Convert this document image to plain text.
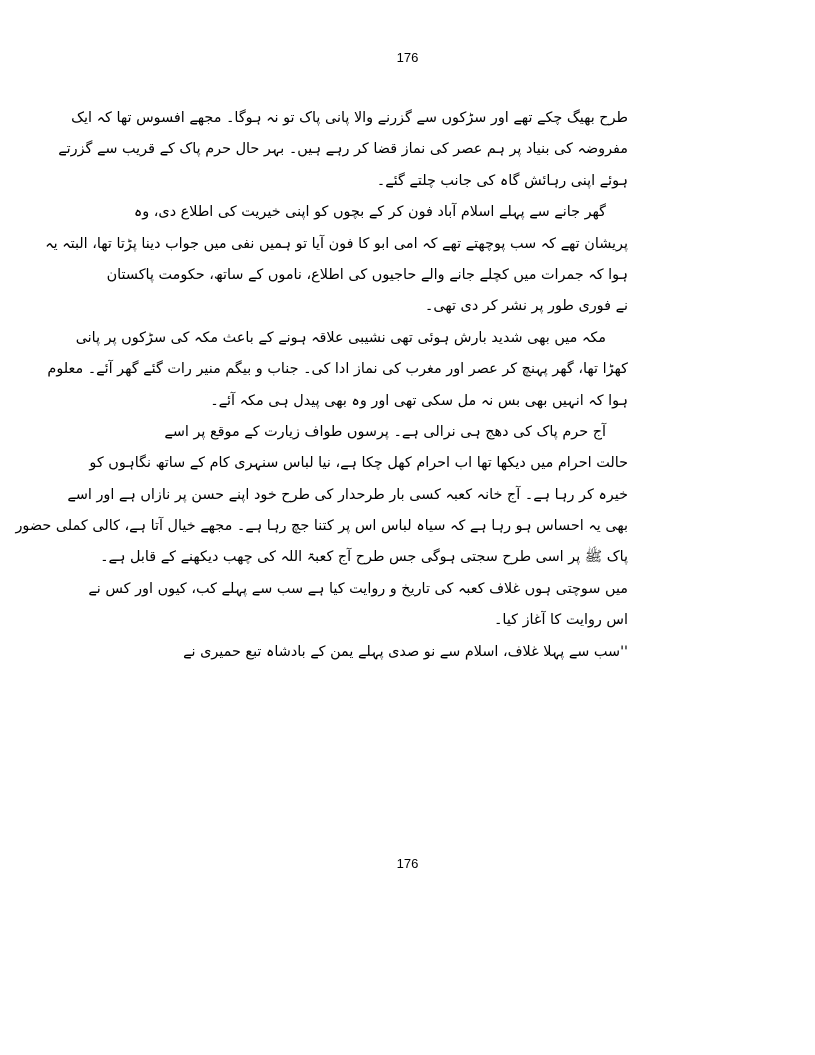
176
طرح بھیگ چکے تھے اور سڑکوں سے گزرنے والا پانی پاک تو نہ ہوگا۔ مجھے افسوس تھا کہ ایک
مفروضہ کی بنیاد پر ہم عصر کی نماز قضا کر رہے ہیں۔ بہر حال حرم پاک کے قریب سے گزرتے
ہوئے اپنی رہائش گاہ کی جانب چلتے گئے۔
گھر جانے سے پہلے اسلام آباد فون کر کے بچوں کو اپنی خیریت کی اطلاع دی، وہ
پریشان تھے کہ سب پوچھتے تھے کہ امی ابو کا فون آیا تو ہمیں نفی میں جواب دینا پڑتا تھا، البتہ یہ
ہوا کہ جمرات میں کچلے جانے والے حاجیوں کی اطلاع، ناموں کے ساتھ، حکومت پاکستان
نے فوری طور پر نشر کر دی تھی۔
مکہ میں بھی شدید بارش ہوئی تھی نشیبی علاقہ ہونے کے باعث مکہ کی سڑکوں پر پانی
کھڑا تھا، گھر پہنچ کر عصر اور مغرب کی نماز ادا کی۔ جناب و بیگم منیر رات گئے گھر آئے۔ معلوم
ہوا کہ انہیں بھی بس نہ مل سکی تھی اور وہ بھی پیدل ہی مکہ آئے۔
آج حرم پاک کی دھج ہی نرالی ہے۔ پرسوں طواف زیارت کے موقع پر اسے
حالت احرام میں دیکھا تھا اب احرام کھل چکا ہے، نیا لباس سنہری کام کے ساتھ نگاہوں کو
خیرہ کر رہا ہے۔ آج خانہ کعبہ کسی بار طرحدار کی طرح خود اپنے حسن پر نازاں ہے اور اسے
بھی یہ احساس ہو رہا ہے کہ سیاہ لباس اس پر کتنا جچ رہا ہے۔ مجھے خیال آتا ہے، کالی کملی حضور
پاک ﷺ پر اسی طرح سجتی ہوگی جس طرح آج کعبۃ اللہ کی چھب دیکھنے کے قابل ہے۔
میں سوچتی ہوں غلاف کعبہ کی تاریخ و روایت کیا ہے سب سے پہلے کب، کیوں اور کس نے
اس روایت کا آغاز کیا۔
''سب سے پہلا غلاف، اسلام سے نو صدی پہلے یمن کے بادشاہ تبع حمیری نے
176
